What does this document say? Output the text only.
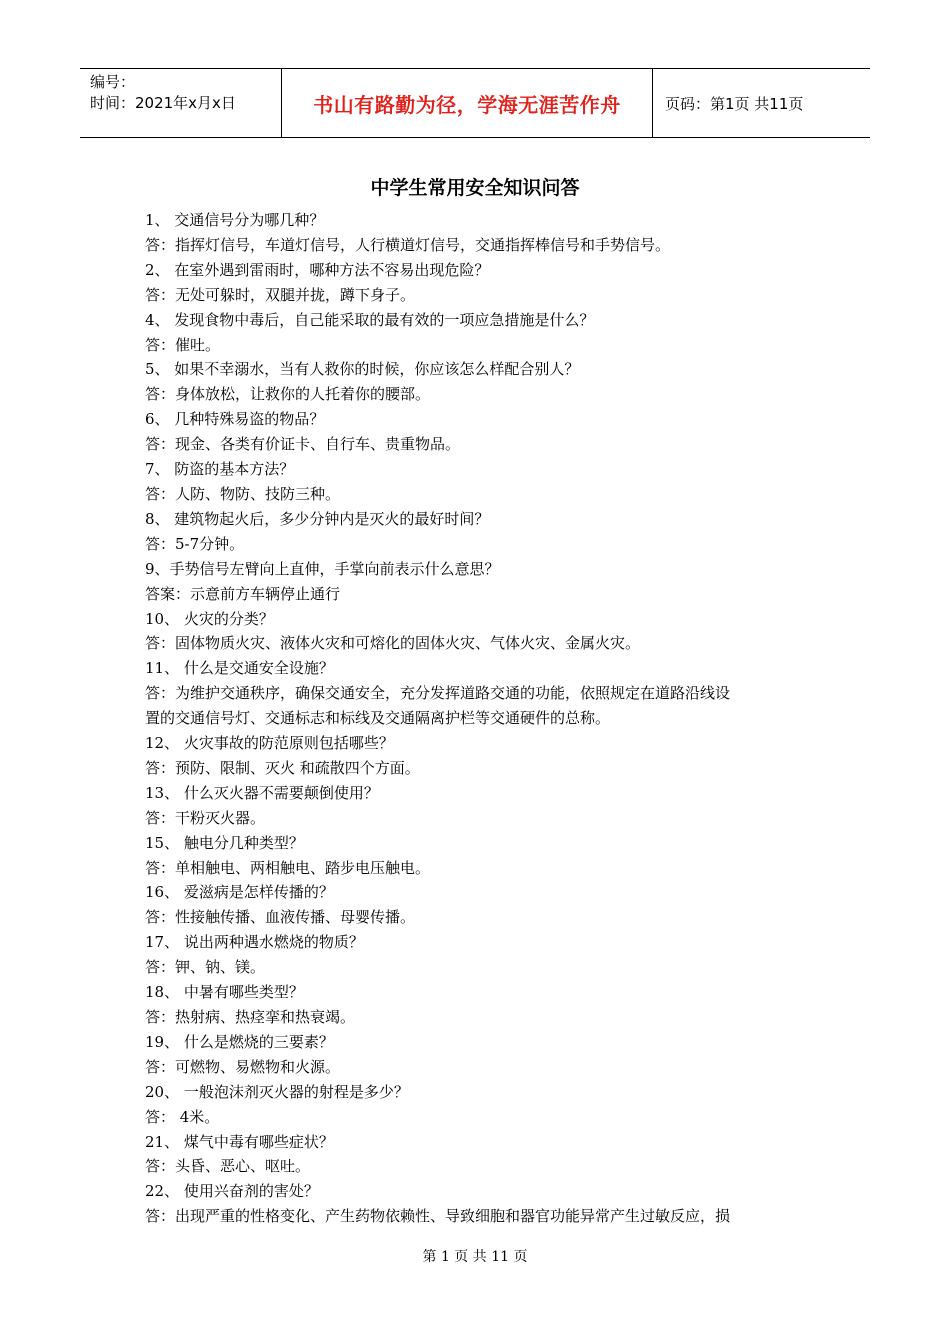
编号：
时间：2021年x月x日	书山有路勤为径，学海无涯苦作舟	页码：第1页 共11页
中学生常用安全知识问答
1、 交通信号分为哪几种？
答：指挥灯信号，车道灯信号，人行横道灯信号，交通指挥棒信号和手势信号。
2、 在室外遇到雷雨时，哪种方法不容易出现危险？
答：无处可躲时，双腿并拢，蹲下身子。
4、 发现食物中毒后，自己能采取的最有效的一项应急措施是什么？
答：催吐。
5、 如果不幸溺水，当有人救你的时候，你应该怎么样配合别人？
答：身体放松，让救你的人托着你的腰部。
6、 几种特殊易盗的物品？
答：现金、各类有价证卡、自行车、贵重物品。
7、 防盗的基本方法？
答：人防、物防、技防三种。
8、 建筑物起火后，多少分钟内是灭火的最好时间？
答：5-7分钟。
9、手势信号左臂向上直伸，手掌向前表示什么意思？
答案：示意前方车辆停止通行
10、 火灾的分类？
答：固体物质火灾、液体火灾和可熔化的固体火灾、气体火灾、金属火灾。
11、 什么是交通安全设施？
答：为维护交通秩序，确保交通安全，充分发挥道路交通的功能，依照规定在道路沿线设
置的交通信号灯、交通标志和标线及交通隔离护栏等交通硬件的总称。
12、 火灾事故的防范原则包括哪些？
答：预防、限制、灭火 和疏散四个方面。
13、 什么灭火器不需要颠倒使用？
答：干粉灭火器。
15、 触电分几种类型？
答：单相触电、两相触电、踏步电压触电。
16、 爱滋病是怎样传播的？
答：性接触传播、血液传播、母婴传播。
17、 说出两种遇水燃烧的物质？
答：钾、钠、镁。
18、 中暑有哪些类型？
答：热射病、热痉挛和热衰竭。
19、 什么是燃烧的三要素？
答：可燃物、易燃物和火源。
20、 一般泡沫剂灭火器的射程是多少？
答： 4米。
21、 煤气中毒有哪些症状？
答：头昏、恶心、呕吐。
22、 使用兴奋剂的害处？
答：出现严重的性格变化、产生药物依赖性、导致细胞和器官功能异常产生过敏反应，损
第 1 页 共 11 页
